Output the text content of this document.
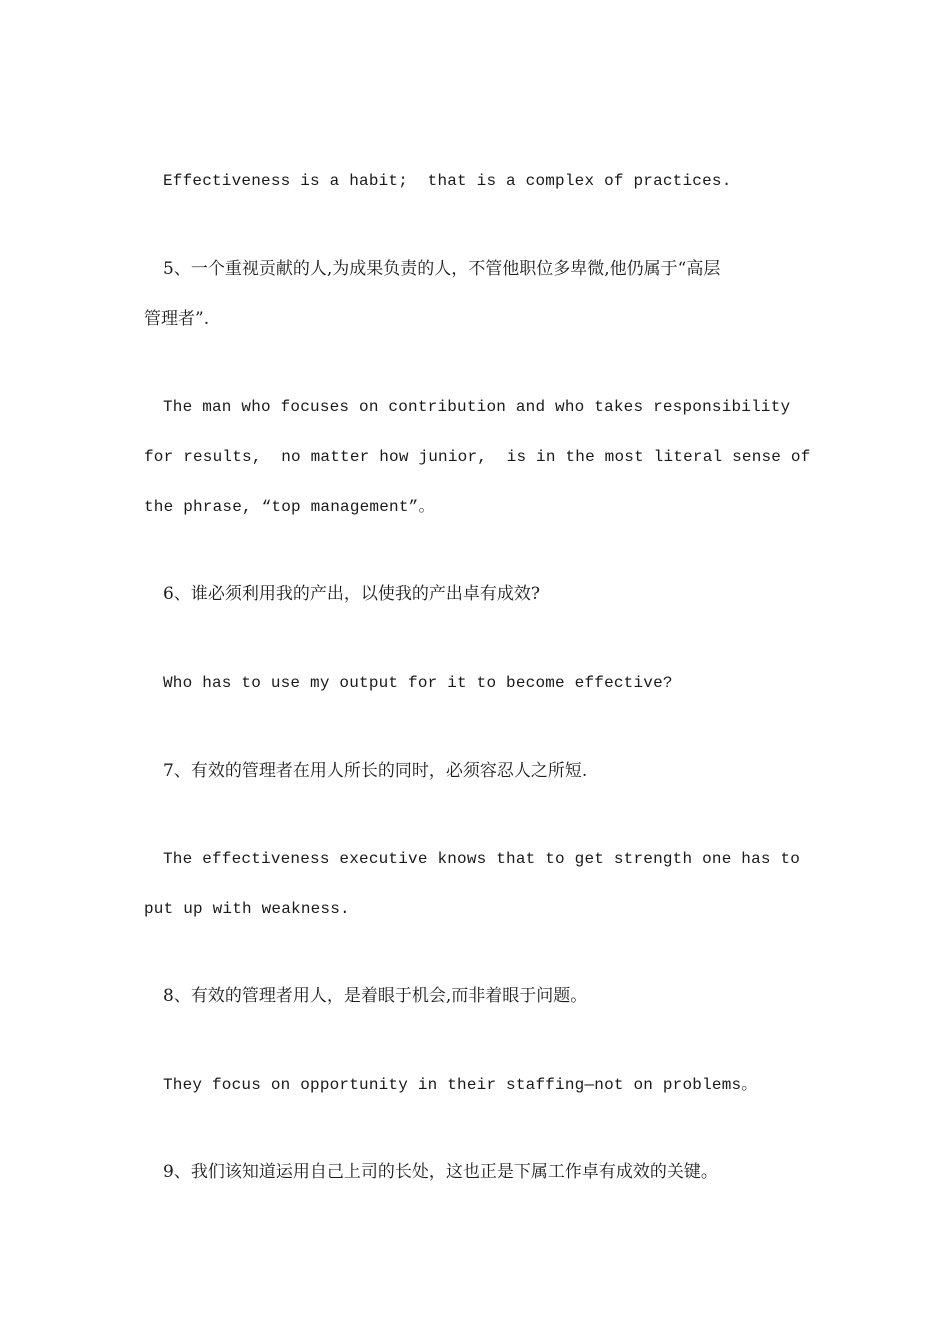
Effectiveness is a habit;  that is a complex of practices.
5、一个重视贡献的人,为成果负责的人，不管他职位多卑微,他仍属于“高层
管理者”.
The man who focuses on contribution and who takes responsibility
for results,  no matter how junior,  is in the most literal sense of
the phrase, “top management”。
6、谁必须利用我的产出，以使我的产出卓有成效?
Who has to use my output for it to become effective?
7、有效的管理者在用人所长的同时，必须容忍人之所短.
The effectiveness executive knows that to get strength one has to
put up with weakness.
8、有效的管理者用人，是着眼于机会,而非着眼于问题。
They focus on opportunity in their staffing—not on problems。
9、我们该知道运用自己上司的长处，这也正是下属工作卓有成效的关键。
